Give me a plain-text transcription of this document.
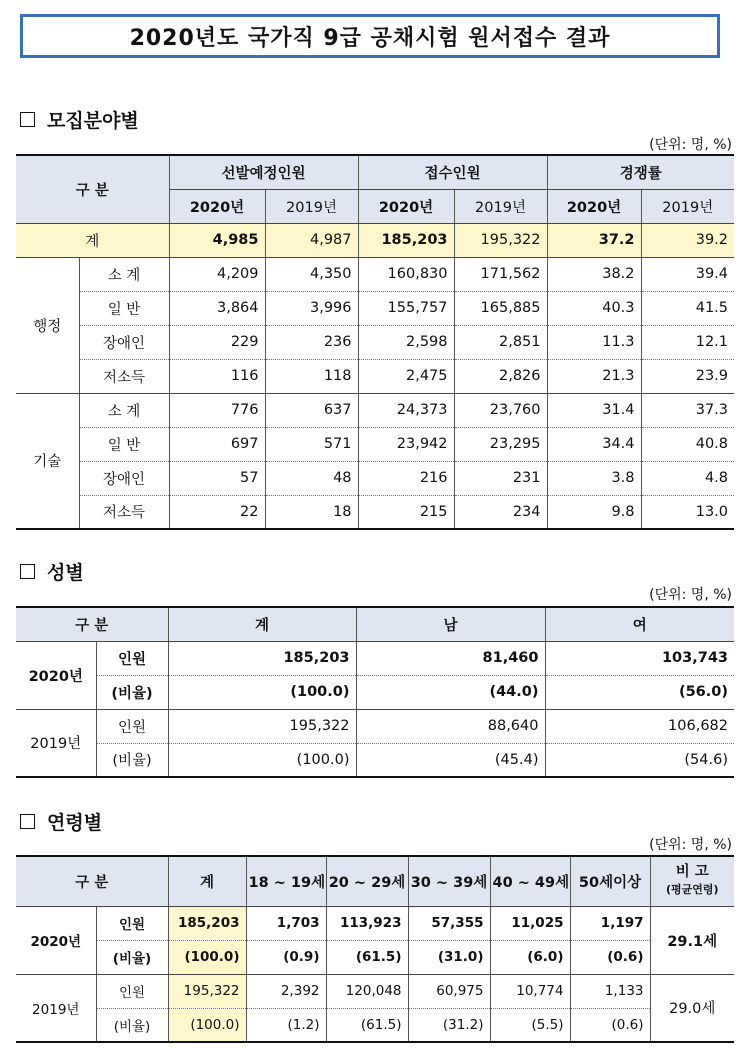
2020년도 국가직 9급 공채시험 원서접수 결과
모집분야별
(단위: 명, %)
구 분		선발예정인원		접수인원		경쟁률	
		2020년	2019년	2020년	2019년	2020년	2019년
계		4,985	4,987	185,203	195,322	37.2	39.2
행정	소 계	4,209	4,350	160,830	171,562	38.2	39.4
	일 반	3,864	3,996	155,757	165,885	40.3	41.5
	장애인	229	236	2,598	2,851	11.3	12.1
	저소득	116	118	2,475	2,826	21.3	23.9
기술	소 계	776	637	24,373	23,760	31.4	37.3
	일 반	697	571	23,942	23,295	34.4	40.8
	장애인	57	48	216	231	3.8	4.8
	저소득	22	18	215	234	9.8	13.0
성별
(단위: 명, %)
구 분		계	남	여
2020년	인원	185,203	81,460	103,743
	(비율)	(100.0)	(44.0)	(56.0)
2019년	인원	195,322	88,640	106,682
	(비율)	(100.0)	(45.4)	(54.6)
연령별
(단위: 명, %)
구 분		계	18 ~ 19세	20 ~ 29세	30 ~ 39세	40 ~ 49세	50세이상	비 고
(평균연령)

2020년	인원	185,203	1,703	113,923	57,355	11,025	1,197	29.1세
	(비율)	(100.0)	(0.9)	(61.5)	(31.0)	(6.0)	(0.6)	
2019년	인원	195,322	2,392	120,048	60,975	10,774	1,133	29.0세
	(비율)	(100.0)	(1.2)	(61.5)	(31.2)	(5.5)	(0.6)	
